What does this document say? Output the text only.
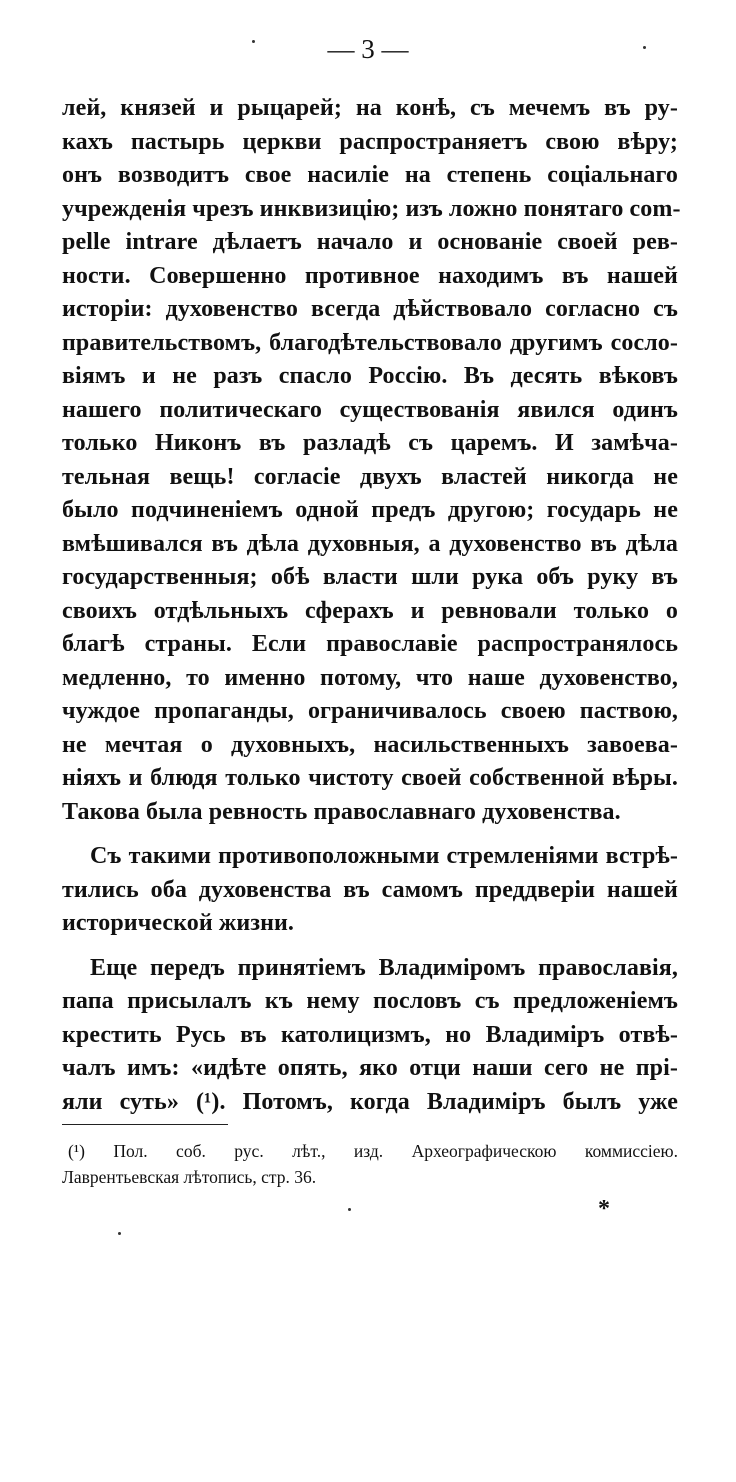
— 3 —
лей, князей и рыцарей; на конѣ, съ мечемъ въ ру-
кахъ пастырь церкви распространяетъ свою вѣру;
онъ возводитъ свое насиліе на степень соціальнаго
учрежденія чрезъ инквизицію; изъ ложно понятаго com-
pelle intrare дѣлаетъ начало и основаніе своей рев-
ности. Совершенно противное находимъ въ нашей
исторіи: духовенство всегда дѣйствовало согласно съ
правительствомъ, благодѣтельствовало другимъ сосло-
віямъ и не разъ спасло Россію. Въ десять вѣковъ
нашего политическаго существованія явился одинъ
только Никонъ въ разладѣ съ царемъ. И замѣча-
тельная вещь! согласіе двухъ властей никогда не
было подчиненіемъ одной предъ другою; государь не
вмѣшивался въ дѣла духовныя, а духовенство въ дѣла
государственныя; обѣ власти шли рука объ руку въ
своихъ отдѣльныхъ сферахъ и ревновали только о
благѣ страны. Если православіе распространялось
медленно, то именно потому, что наше духовенство,
чуждое пропаганды, ограничивалось своею паствою,
не мечтая о духовныхъ, насильственныхъ завоева-
ніяхъ и блюдя только чистоту своей собственной вѣры.
Такова была ревность православнаго духовенства.
Съ такими противоположными стремленіями встрѣ-
тились оба духовенства въ самомъ преддверіи нашей
исторической жизни.
Еще передъ принятіемъ Владиміромъ православія,
папа присылалъ къ нему пословъ съ предложеніемъ
крестить Русь въ католицизмъ, но Владиміръ отвѣ-
чалъ имъ: «идѣте опять, яко отци наши сего не прі-
яли суть» (¹). Потомъ, когда Владиміръ былъ уже
(¹) Пол. соб. рус. лѣт., изд. Археографическою коммиссіею.
Лаврентьевская лѣтопись, стр. 36.
*
